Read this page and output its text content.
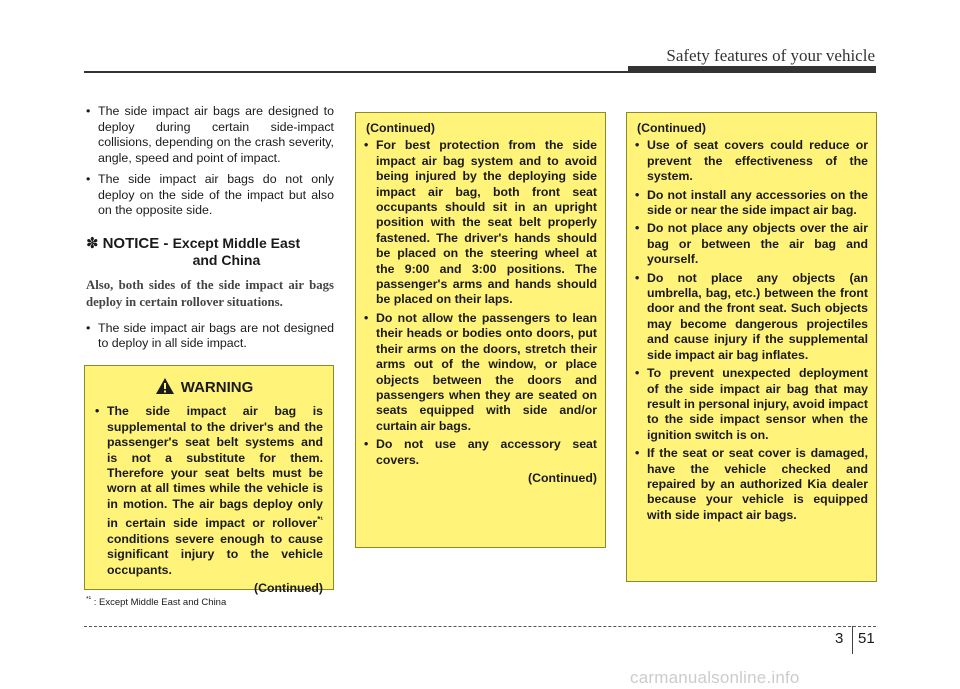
Safety features of your vehicle
• The side impact air bags are designed to deploy during certain side-impact collisions, depending on the crash severity, angle, speed and point of impact.
• The side impact air bags do not only deploy on the side of the impact but also on the opposite side.
✽ NOTICE - Except Middle East
and China
Also, both sides of the side impact air bags deploy in certain rollover situations.
• The side impact air bags are not designed to deploy in all side impact.
WARNING
• The side impact air bag is supplemental to the driver's and the passenger's seat belt systems and is not a substitute for them. Therefore your seat belts must be worn at all times while the vehicle is in motion. The air bags deploy only in certain side impact or rollover$^{*^1}$ conditions severe enough to cause significant injury to the vehicle occupants.
(Continued)
$^{*^1}$ : Except Middle East and China
(Continued)
• For best protection from the side impact air bag system and to avoid being injured by the deploying side impact air bag, both front seat occupants should sit in an upright position with the seat belt properly fastened. The driver's hands should be placed on the steering wheel at the 9:00 and 3:00 positions. The passenger's arms and hands should be placed on their laps.
• Do not allow the passengers to lean their heads or bodies onto doors, put their arms on the doors, stretch their arms out of the window, or place objects between the doors and passengers when they are seated on seats equipped with side and/or curtain air bags.
• Do not use any accessory seat covers.
(Continued)
(Continued)
• Use of seat covers could reduce or prevent the effectiveness of the system.
• Do not install any accessories on the side or near the side impact air bag.
• Do not place any objects over the air bag or between the air bag and yourself.
• Do not place any objects (an umbrella, bag, etc.) between the front door and the front seat. Such objects may become dangerous projectiles and cause injury if the supplemental side impact air bag inflates.
• To prevent unexpected deployment of the side impact air bag that may result in personal injury, avoid impact to the side impact sensor when the ignition switch is on.
• If the seat or seat cover is damaged, have the vehicle checked and repaired by an authorized Kia dealer because your vehicle is equipped with side impact air bags.
3 51
carmanualsonline.info
